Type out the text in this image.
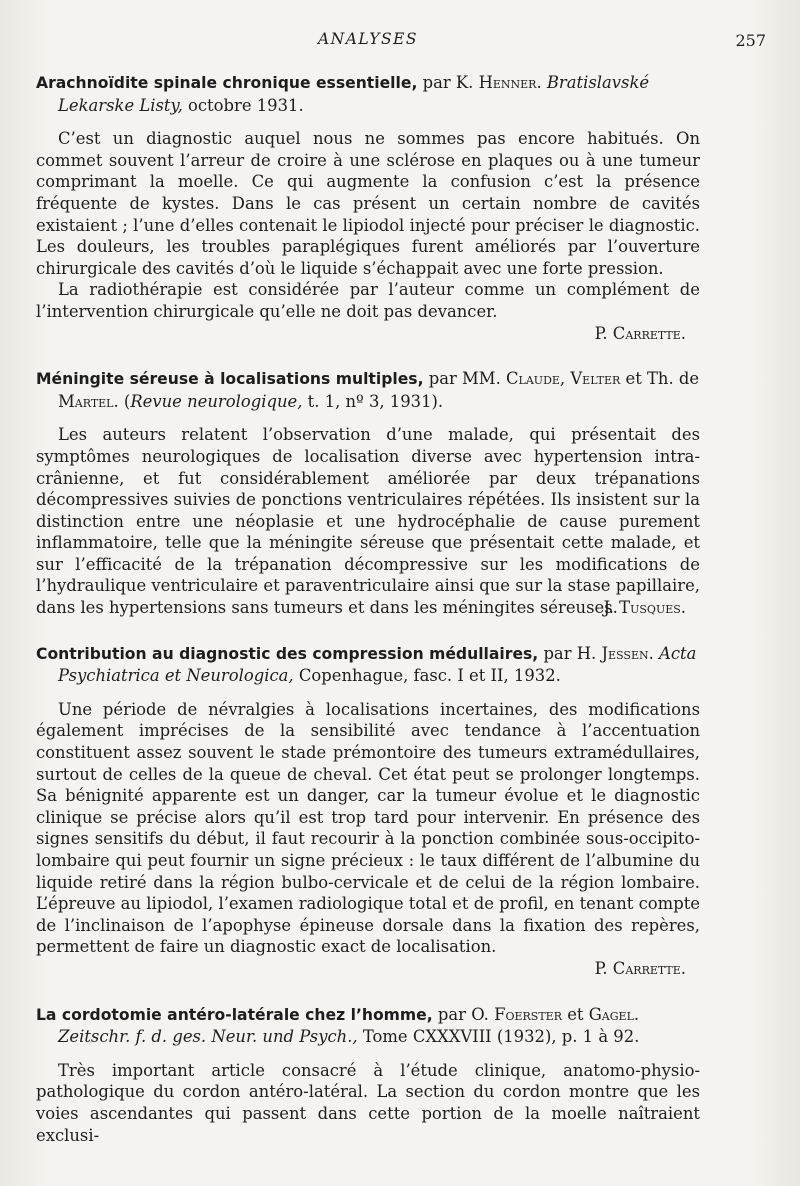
ANALYSES	257

Arachnoïdite spinale chronique essentielle, par K. Henner. Bratislavské Lekarske Listy, octobre 1931.

C’est un diagnostic auquel nous ne sommes pas encore habitués. On commet souvent l’arreur de croire à une sclérose en plaques ou à une tumeur comprimant la moelle. Ce qui augmente la confusion c’est la présence fréquente de kystes. Dans le cas présent un certain nombre de cavités existaient ; l’une d’elles contenait le lipiodol injecté pour préciser le diagnostic. Les douleurs, les troubles paraplégiques furent améliorés par l’ouverture chirurgicale des cavités d’où le liquide s’échappait avec une forte pression.

La radiothérapie est considérée par l’auteur comme un complément de l’intervention chirurgicale qu’elle ne doit pas devancer.

P. Carrette.

Méningite séreuse à localisations multiples, par MM. Claude, Velter et Th. de Martel. (Revue neurologique, t. 1, nº 3, 1931).

Les auteurs relatent l’observation d’une malade, qui présentait des symptômes neurologiques de localisation diverse avec hypertension intra-crânienne, et fut considérablement améliorée par deux trépanations décompressives suivies de ponctions ventriculaires répétées. Ils insistent sur la distinction entre une néoplasie et une hydrocéphalie de cause purement inflammatoire, telle que la méningite séreuse que présentait cette malade, et sur l’efficacité de la trépanation décompressive sur les modifications de l’hydraulique ventriculaire et paraventriculaire ainsi que sur la stase papillaire, dans les hypertensions sans tumeurs et dans les méningites séreuses.

J. Tusques.

Contribution au diagnostic des compression médullaires, par H. Jessen. Acta Psychiatrica et Neurologica, Copenhague, fasc. I et II, 1932.

Une période de névralgies à localisations incertaines, des modifications également imprécises de la sensibilité avec tendance à l’accentuation constituent assez souvent le stade prémontoire des tumeurs extramédullaires, surtout de celles de la queue de cheval. Cet état peut se prolonger longtemps. Sa bénignité apparente est un danger, car la tumeur évolue et le diagnostic clinique se précise alors qu’il est trop tard pour intervenir. En présence des signes sensitifs du début, il faut recourir à la ponction combinée sous-occipito-lombaire qui peut fournir un signe précieux : le taux différent de l’albumine du liquide retiré dans la région bulbo-cervicale et de celui de la région lombaire. L’épreuve au lipiodol, l’examen radiologique total et de profil, en tenant compte de l’inclinaison de l’apophyse épineuse dorsale dans la fixation des repères, permettent de faire un diagnostic exact de localisation.

P. Carrette.

La cordotomie antéro-latérale chez l’homme, par O. Foerster et Gagel. Zeitschr. f. d. ges. Neur. und Psych., Tome CXXXVIII (1932), p. 1 à 92.

Très important article consacré à l’étude clinique, anatomo-physio-pathologique du cordon antéro-latéral. La section du cordon montre que les voies ascendantes qui passent dans cette portion de la moelle naîtraient exclusi-
